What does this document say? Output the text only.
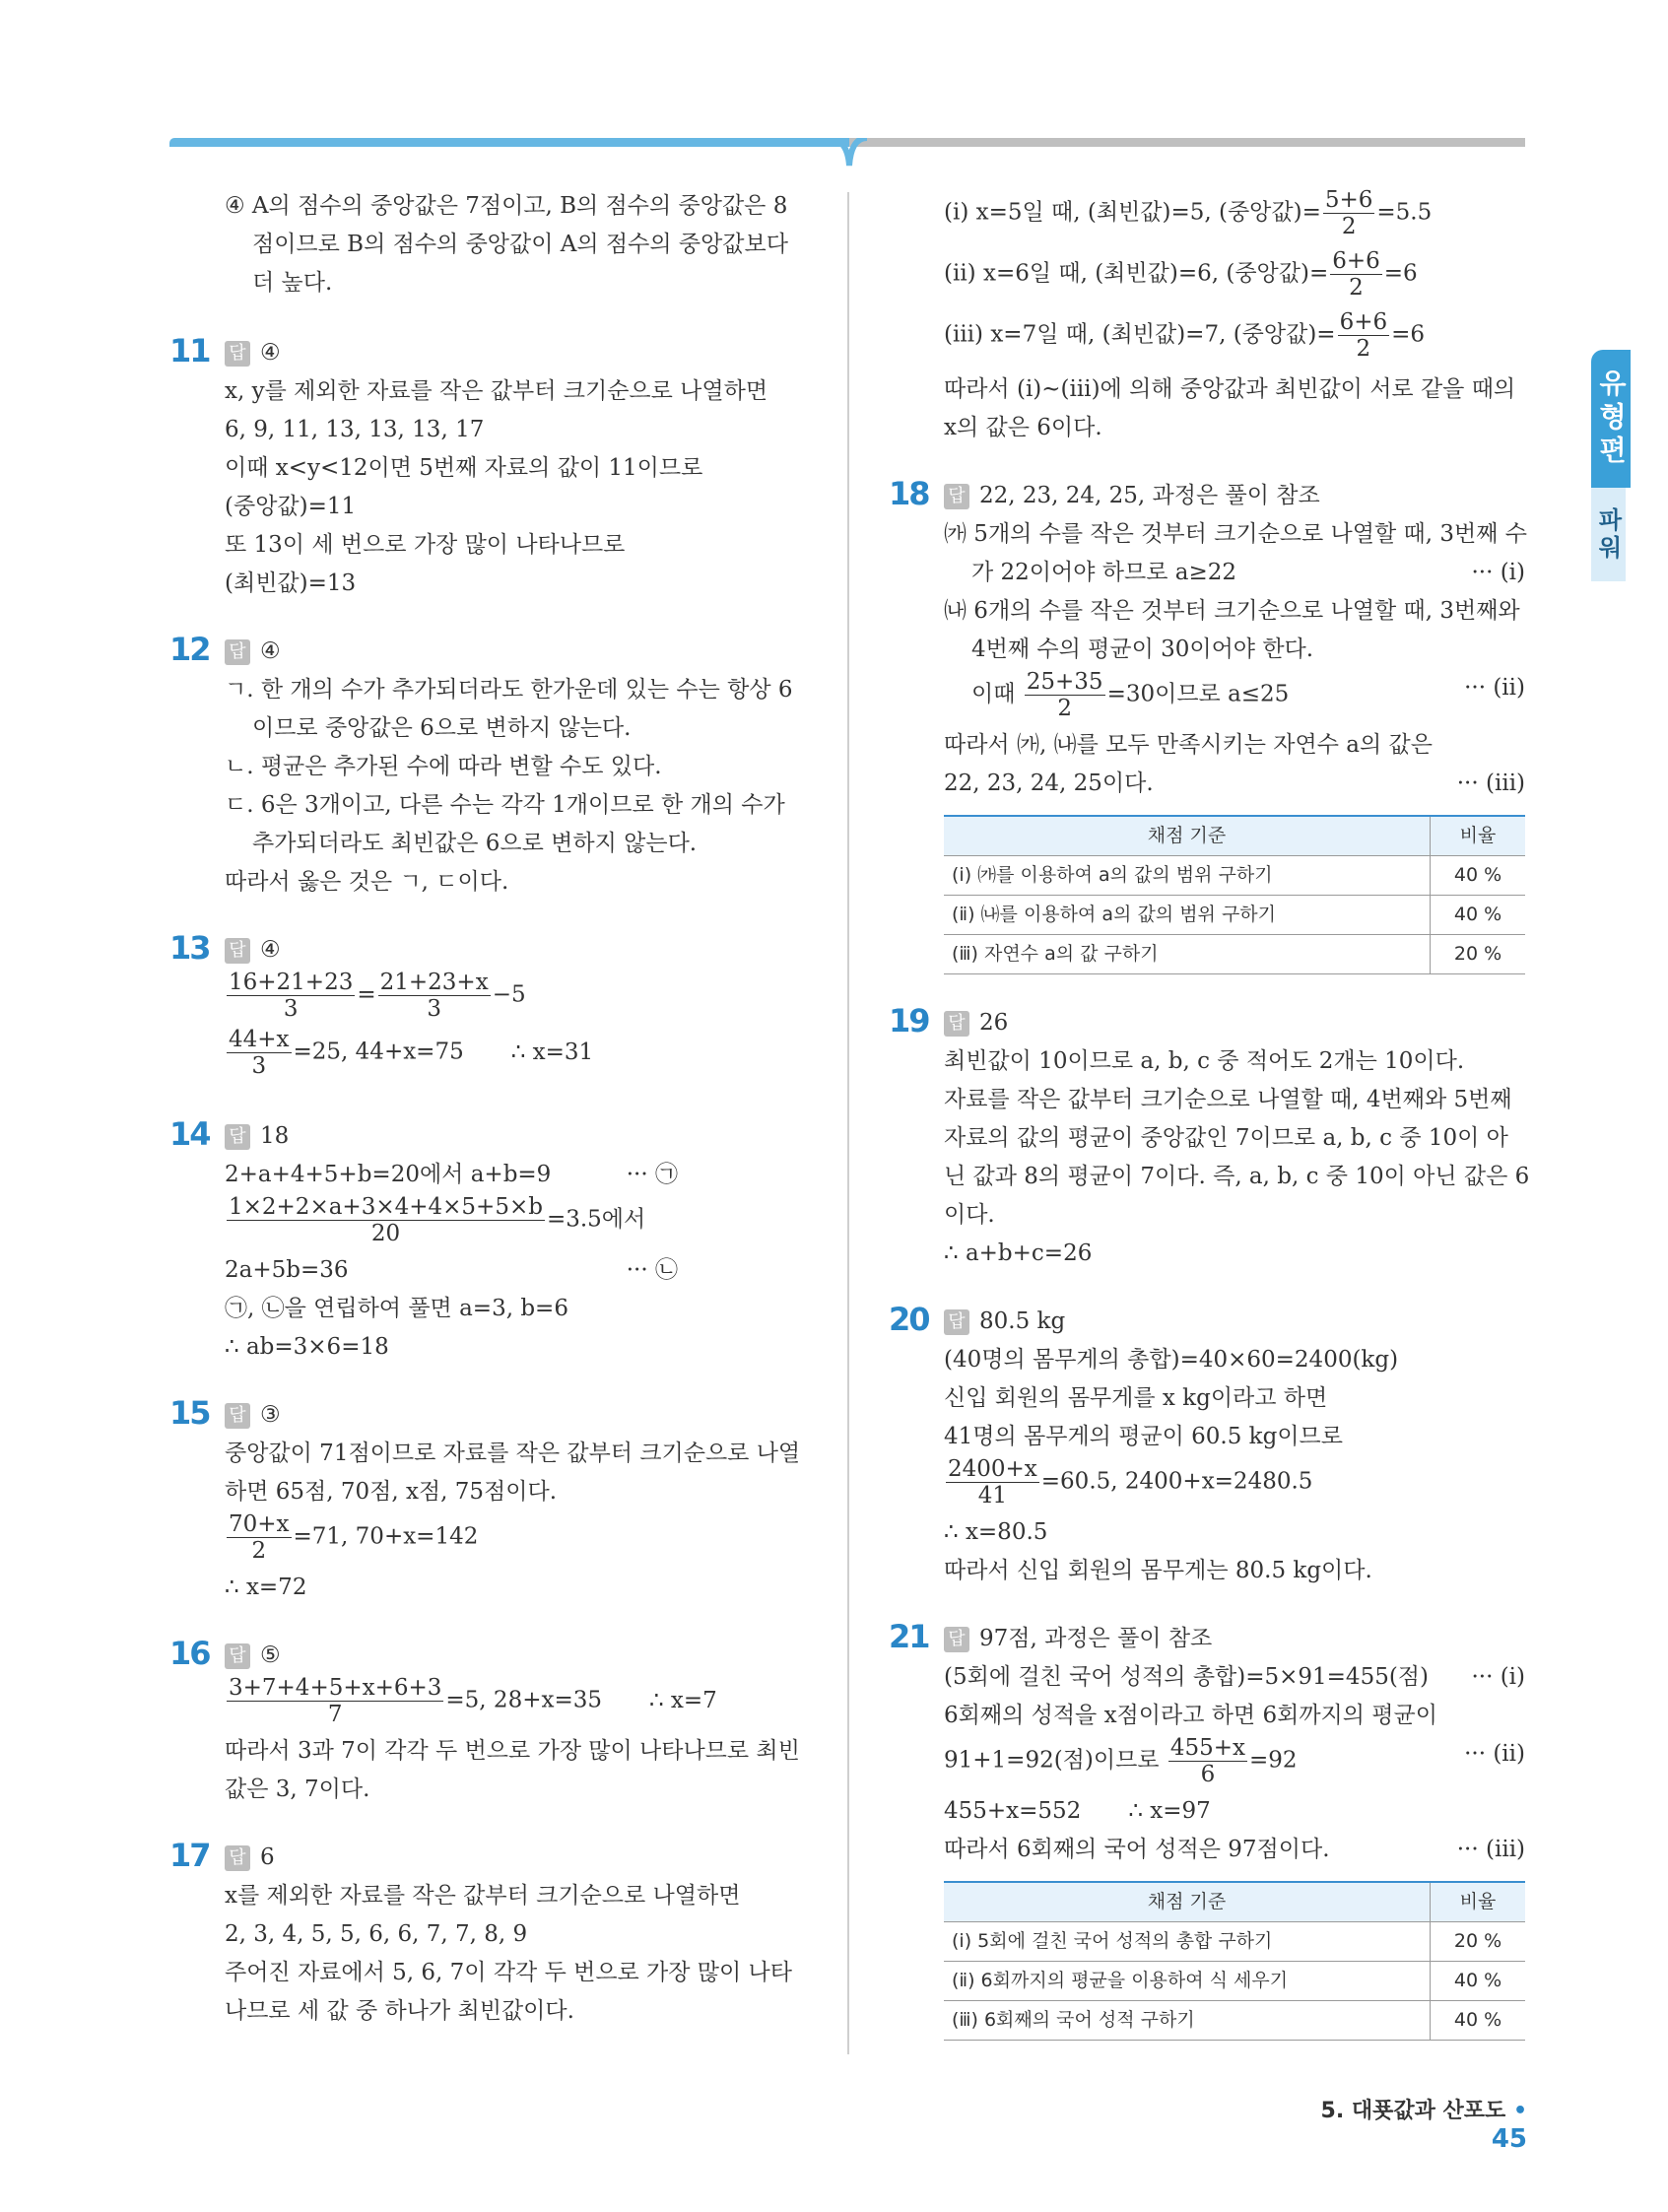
유형편
파워
④ A의 점수의 중앙값은 7점이고, B의 점수의 중앙값은 8
점이므로 B의 점수의 중앙값이 A의 점수의 중앙값보다
더 높다.
11 답 ④
x, y를 제외한 자료를 작은 값부터 크기순으로 나열하면
6, 9, 11, 13, 13, 13, 17
이때 x<y<12이면 5번째 자료의 값이 11이므로
(중앙값)=11
또 13이 세 번으로 가장 많이 나타나므로
(최빈값)=13
12 답 ④
ㄱ. 한 개의 수가 추가되더라도 한가운데 있는 수는 항상 6
이므로 중앙값은 6으로 변하지 않는다.
ㄴ. 평균은 추가된 수에 따라 변할 수도 있다.
ㄷ. 6은 3개이고, 다른 수는 각각 1개이므로 한 개의 수가
추가되더라도 최빈값은 6으로 변하지 않는다.
따라서 옳은 것은 ㄱ, ㄷ이다.
13 답 ④
$\frac{16+21+23}{3} = \frac{21+23+x}{3} -5$
$\frac{44+x}{3} =25$, 44+x=75 ∴ x=31
14 답 18
2+a+4+5+b=20에서 a+b=9	··· ㉠
$\frac{1\times 2+2\times a+3\times 4+4\times 5+5\times b}{20} =3.5$에서
2a+5b=36	··· ㉡
㉠, ㉡을 연립하여 풀면 a=3, b=6
∴ ab=3×6=18
15 답 ③
중앙값이 71점이므로 자료를 작은 값부터 크기순으로 나열
하면 65점, 70점, x점, 75점이다.
$\frac{70+x}{2} =71$, 70+x=142
∴ x=72
16 답 ⑤
$\frac{3+7+4+5+x+6+3}{7} =5$, 28+x=35 ∴ x=7
따라서 3과 7이 각각 두 번으로 가장 많이 나타나므로 최빈
값은 3, 7이다.
17 답 6
x를 제외한 자료를 작은 값부터 크기순으로 나열하면
2, 3, 4, 5, 5, 6, 6, 7, 7, 8, 9
주어진 자료에서 5, 6, 7이 각각 두 번으로 가장 많이 나타
나므로 세 값 중 하나가 최빈값이다.
(ⅰ) x=5일 때, (최빈값)=5, (중앙값)= $\frac{5+6}{2} =5.5$
(ⅱ) x=6일 때, (최빈값)=6, (중앙값)= $\frac{6+6}{2} =6$
(ⅲ) x=7일 때, (최빈값)=7, (중앙값)= $\frac{6+6}{2} =6$
따라서 (ⅰ)~(ⅲ)에 의해 중앙값과 최빈값이 서로 같을 때의
x의 값은 6이다.
18 답 22, 23, 24, 25, 과정은 풀이 참조
㈎ 5개의 수를 작은 것부터 크기순으로 나열할 때, 3번째 수
가 22이어야 하므로 a≥22	··· (ⅰ)
㈏ 6개의 수를 작은 것부터 크기순으로 나열할 때, 3번째와
4번째 수의 평균이 30이어야 한다.
이때 $\frac{25+35}{2} =30$이므로 a≤25	··· (ⅱ)
따라서 ㈎, ㈏를 모두 만족시키는 자연수 a의 값은
22, 23, 24, 25이다.	··· (ⅲ)
채점 기준	비율
(ⅰ) ㈎를 이용하여 a의 값의 범위 구하기	40 %
(ⅱ) ㈏를 이용하여 a의 값의 범위 구하기	40 %
(ⅲ) 자연수 a의 값 구하기	20 %
19 답 26
최빈값이 10이므로 a, b, c 중 적어도 2개는 10이다.
자료를 작은 값부터 크기순으로 나열할 때, 4번째와 5번째
자료의 값의 평균이 중앙값인 7이므로 a, b, c 중 10이 아
닌 값과 8의 평균이 7이다. 즉, a, b, c 중 10이 아닌 값은 6
이다.
∴ a+b+c=26
20 답 80.5 kg
(40명의 몸무게의 총합)=40×60=2400(kg)
신입 회원의 몸무게를 x kg이라고 하면
41명의 몸무게의 평균이 60.5 kg이므로
$\frac{2400+x}{41} =60.5$, 2400+x=2480.5
∴ x=80.5
따라서 신입 회원의 몸무게는 80.5 kg이다.
21 답 97점, 과정은 풀이 참조
(5회에 걸친 국어 성적의 총합)=5×91=455(점) ··· (ⅰ)
6회째의 성적을 x점이라고 하면 6회까지의 평균이
91+1=92(점)이므로 $\frac{455+x}{6} =92$	··· (ⅱ)
455+x=552 ∴ x=97
따라서 6회째의 국어 성적은 97점이다.	··· (ⅲ)
채점 기준	비율
(ⅰ) 5회에 걸친 국어 성적의 총합 구하기	20 %
(ⅱ) 6회까지의 평균을 이용하여 식 세우기	40 %
(ⅲ) 6회째의 국어 성적 구하기	40 %
5. 대푯값과 산포도 • 45
